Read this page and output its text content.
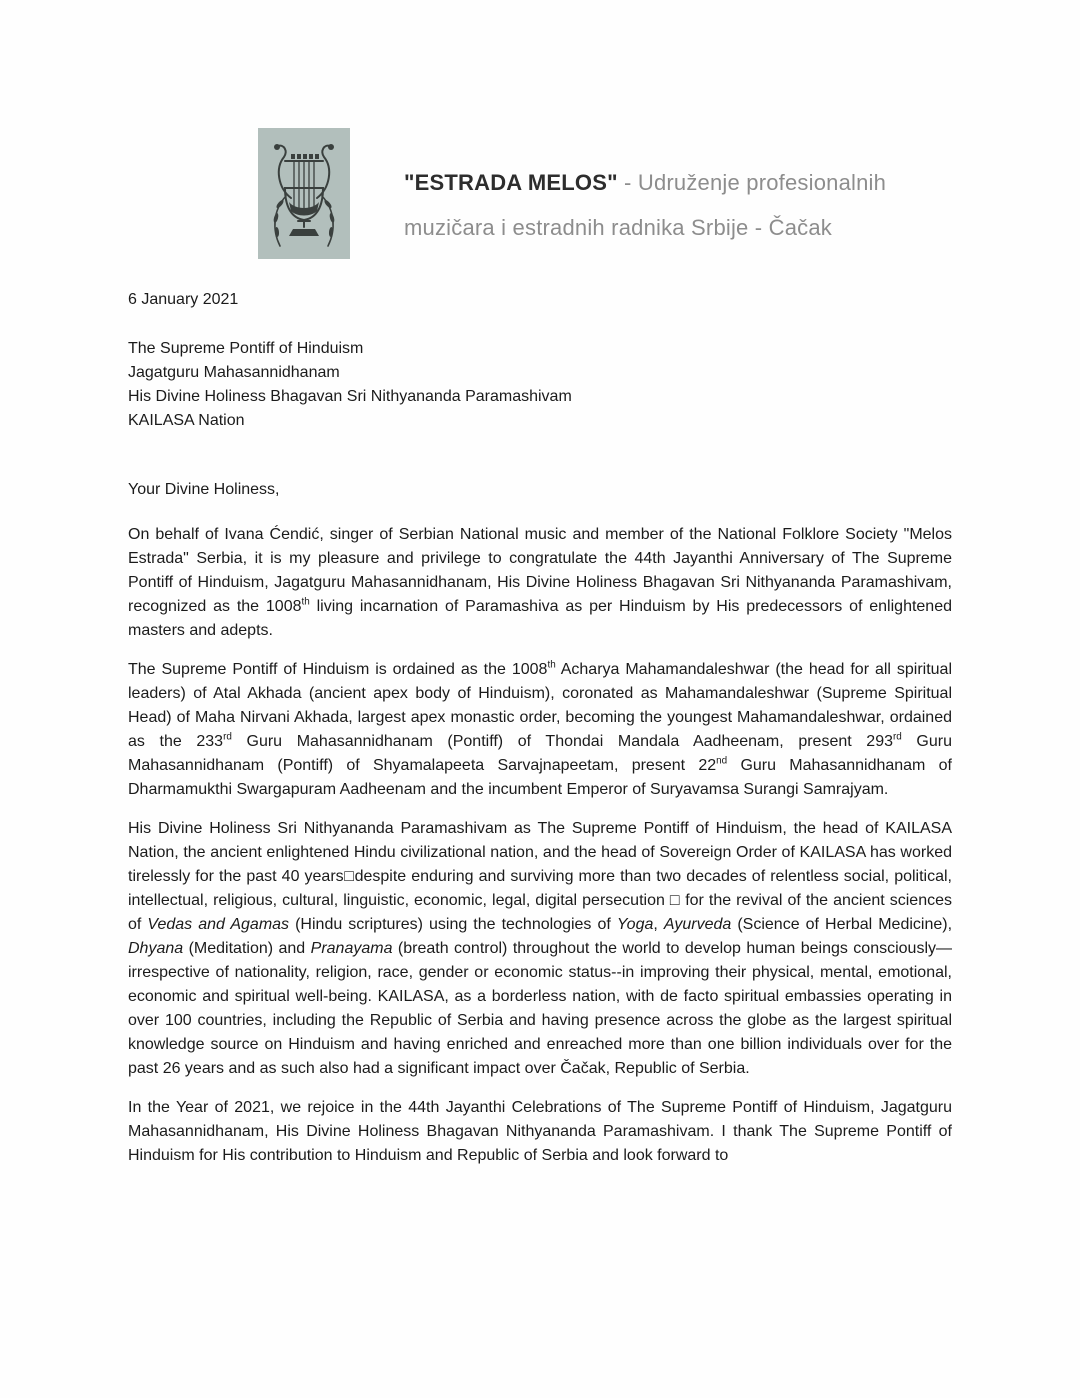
"ESTRADA MELOS" - Udruženje profesionalnih
muzičara i estradnih radnika Srbije - Čačak
6 January 2021
The Supreme Pontiff of Hinduism
Jagatguru Mahasannidhanam
His Divine Holiness Bhagavan Sri Nithyananda Paramashivam
KAILASA Nation
Your Divine Holiness,

On behalf of Ivana Ćendić, singer of Serbian National music and member of the National Folklore Society "Melos Estrada" Serbia, it is my pleasure and privilege to congratulate the 44th Jayanthi Anniversary of The Supreme Pontiff of Hinduism, Jagatguru Mahasannidhanam, His Divine Holiness Bhagavan Sri Nithyananda Paramashivam, recognized as the 1008th living incarnation of Paramashiva as per Hinduism by His predecessors of enlightened masters and adepts.

The Supreme Pontiff of Hinduism is ordained as the 1008th Acharya Mahamandaleshwar (the head for all spiritual leaders) of Atal Akhada (ancient apex body of Hinduism), coronated as Mahamandaleshwar (Supreme Spiritual Head) of Maha Nirvani Akhada, largest apex monastic order, becoming the youngest Mahamandaleshwar, ordained as the 233rd Guru Mahasannidhanam (Pontiff) of Thondai Mandala Aadheenam, present 293rd Guru Mahasannidhanam (Pontiff) of Shyamalapeeta Sarvajnapeetam, present 22nd Guru Mahasannidhanam of Dharmamukthi Swargapuram Aadheenam and the incumbent Emperor of Suryavamsa Surangi Samrajyam.

His Divine Holiness Sri Nithyananda Paramashivam as The Supreme Pontiff of Hinduism, the head of KAILASA Nation, the ancient enlightened Hindu civilizational nation, and the head of Sovereign Order of KAILASA has worked tirelessly for the past 40 years□despite enduring and surviving more than two decades of relentless social, political, intellectual, religious, cultural, linguistic, economic, legal, digital persecution □ for the revival of the ancient sciences of Vedas and Agamas (Hindu scriptures) using the technologies of Yoga, Ayurveda (Science of Herbal Medicine), Dhyana (Meditation) and Pranayama (breath control) throughout the world to develop human beings consciously—irrespective of nationality, religion, race, gender or economic status--in improving their physical, mental, emotional, economic and spiritual well-being. KAILASA, as a borderless nation, with de facto spiritual embassies operating in over 100 countries, including the Republic of Serbia and having presence across the globe as the largest spiritual knowledge source on Hinduism and having enriched and enreached more than one billion individuals over for the past 26 years and as such also had a significant impact over Čačak, Republic of Serbia.

In the Year of 2021, we rejoice in the 44th Jayanthi Celebrations of The Supreme Pontiff of Hinduism, Jagatguru Mahasannidhanam, His Divine Holiness Bhagavan Nithyananda Paramashivam. I thank The Supreme Pontiff of Hinduism for His contribution to Hinduism and Republic of Serbia and look forward to
